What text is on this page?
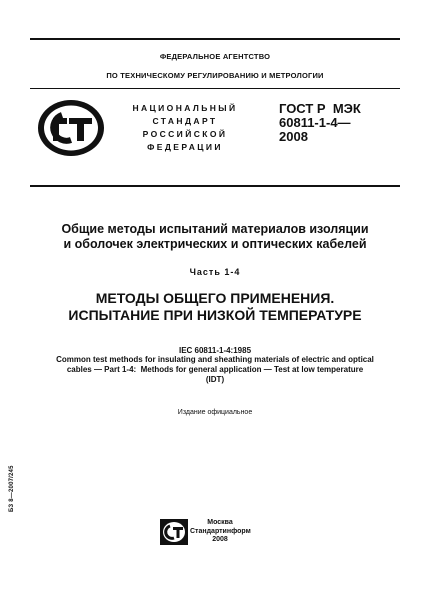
ФЕДЕРАЛЬНОЕ АГЕНТСТВО
ПО ТЕХНИЧЕСКОМУ РЕГУЛИРОВАНИЮ И МЕТРОЛОГИИ
НАЦИОНАЛЬНЫЙ
СТАНДАРТ
РОССИЙСКОЙ
ФЕДЕРАЦИИ
ГОСТ Р  МЭК
60811-1-4—
2008
Общие методы испытаний материалов изоляции
и оболочек электрических и оптических кабелей
Часть 1-4
МЕТОДЫ ОБЩЕГО ПРИМЕНЕНИЯ.
ИСПЫТАНИЕ ПРИ НИЗКОЙ ТЕМПЕРАТУРЕ
IEC 60811-1-4:1985
Common test methods for insulating and sheathing materials of electric and optical
cables — Part 1-4:  Methods for general application — Test at low temperature
(IDT)
Издание официальное
БЗ 8—2007/245
Москва
Стандартинформ
2008
